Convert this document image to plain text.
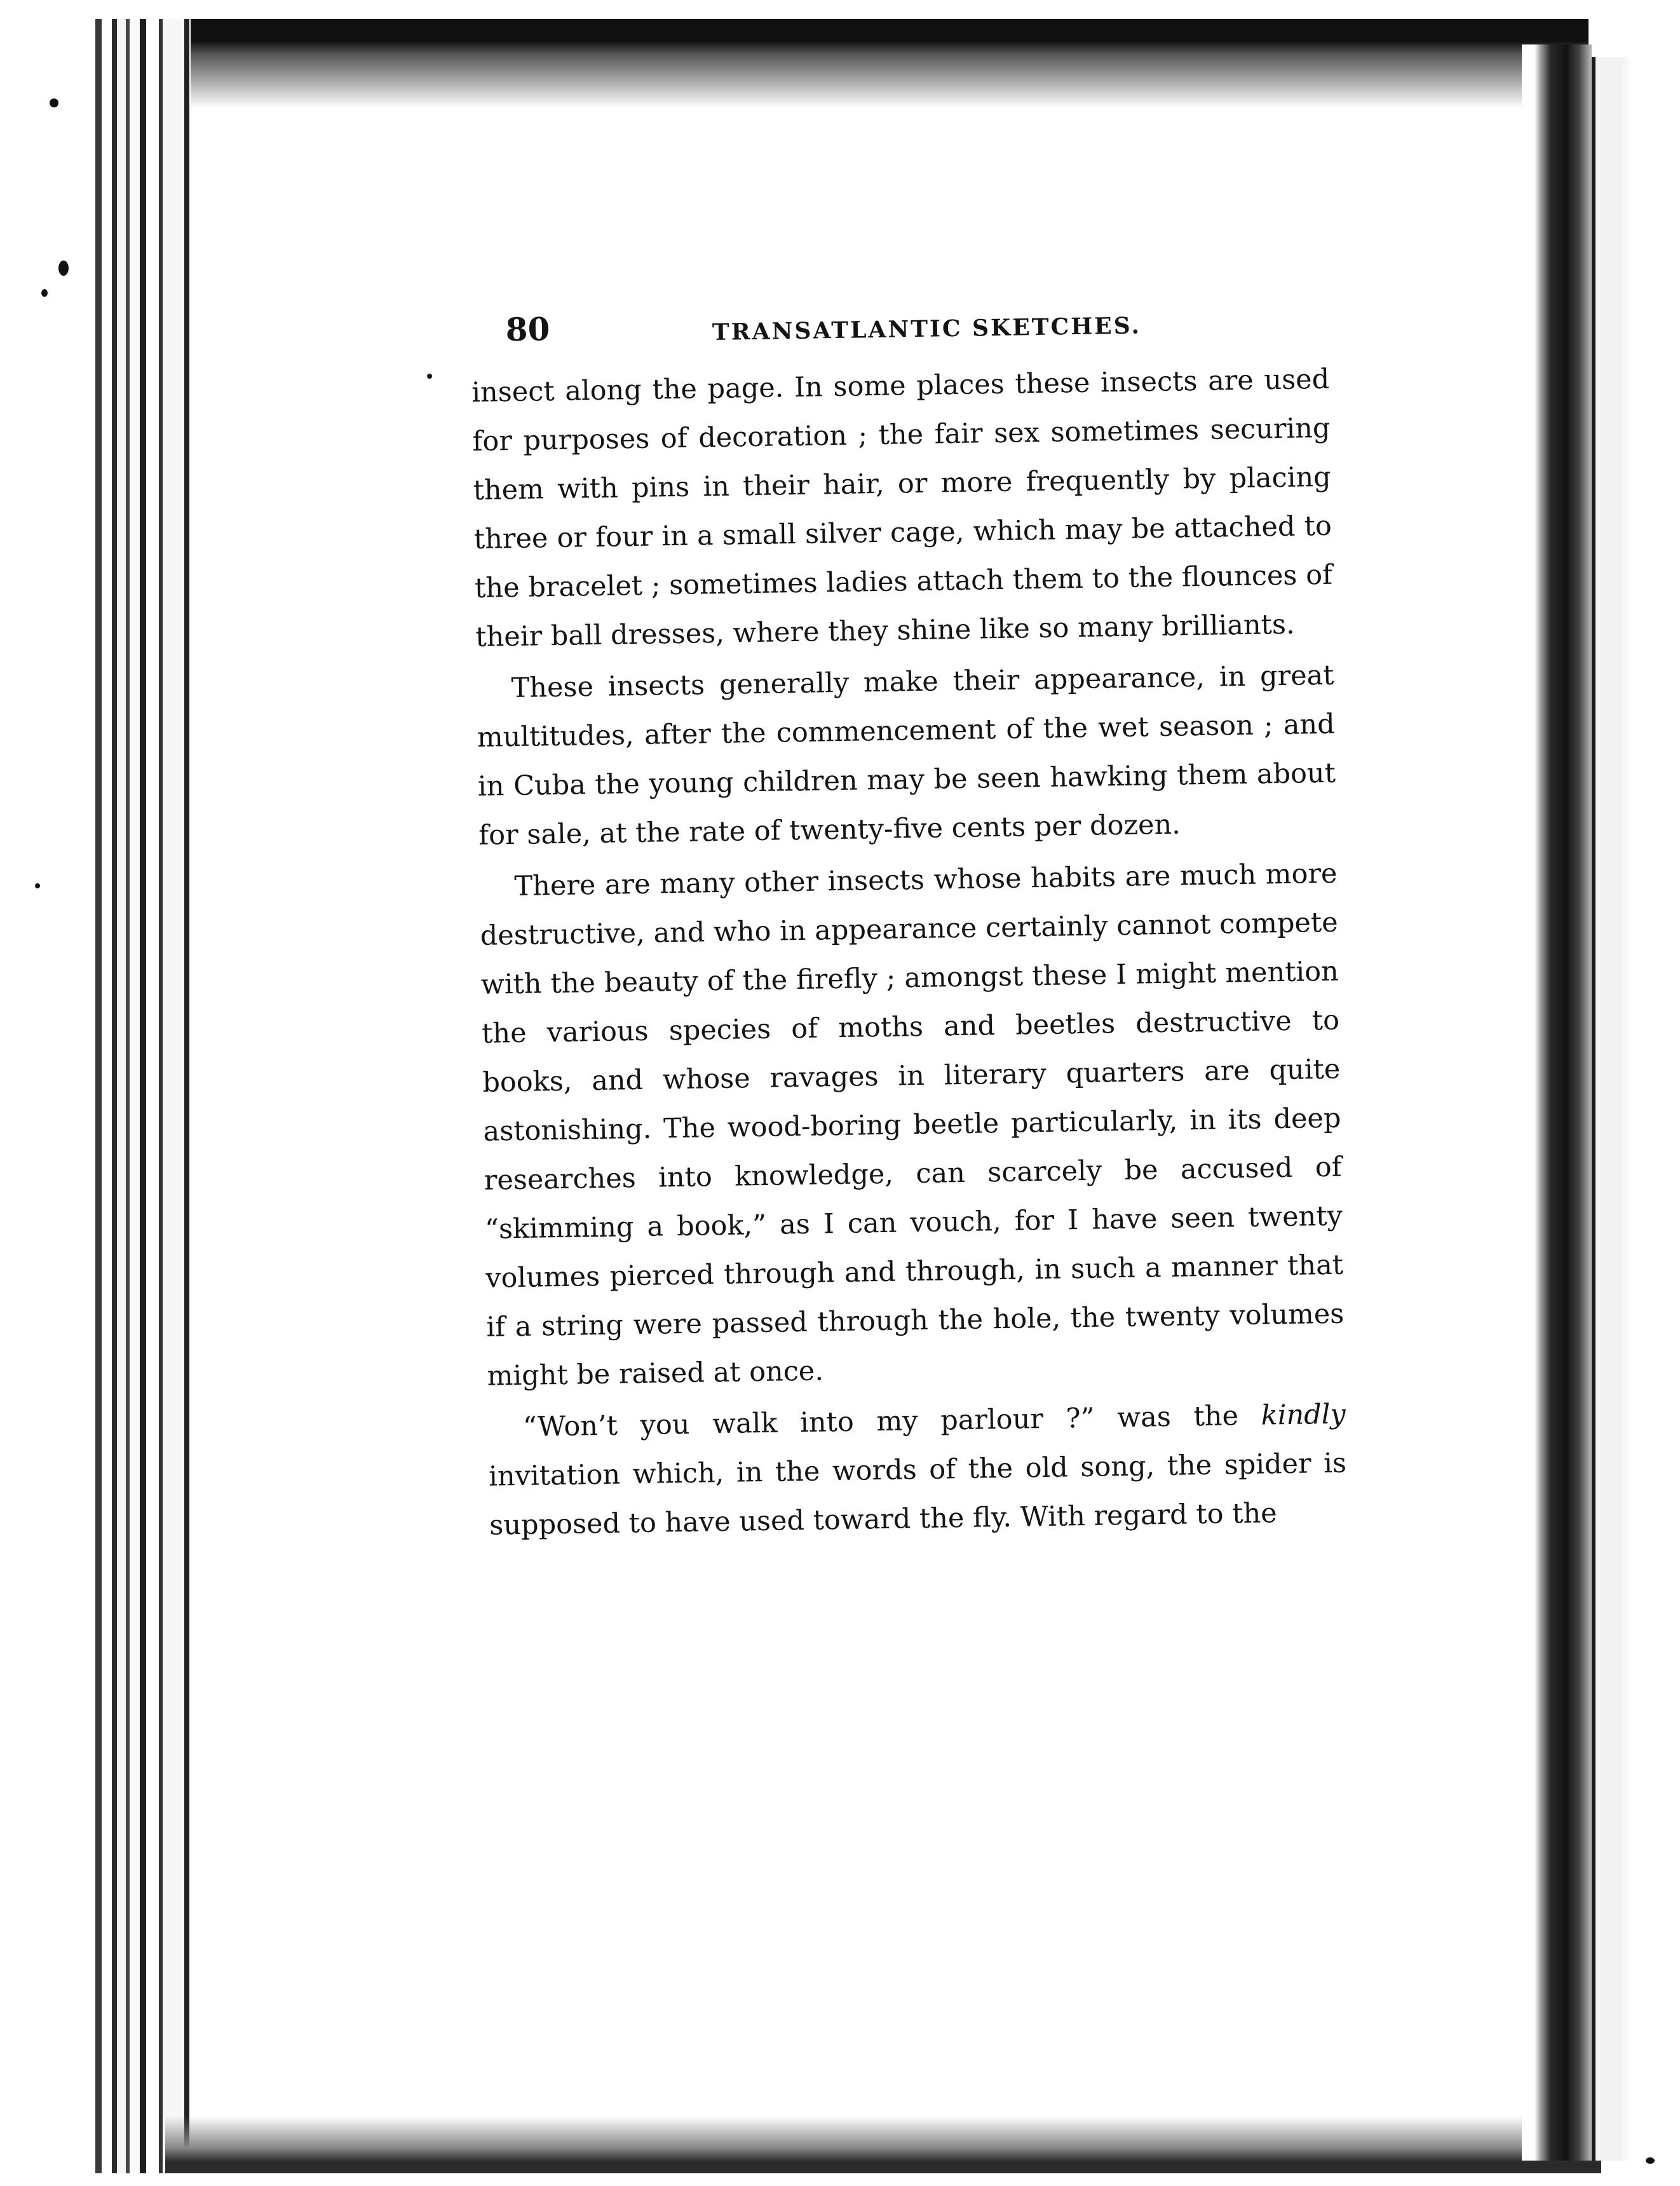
80	TRANSATLANTIC SKETCHES.

insect along the page. In some places these insects are used for purposes of decoration ; the fair sex sometimes securing them with pins in their hair, or more frequently by placing three or four in a small silver cage, which may be attached to the bracelet ; sometimes ladies attach them to the flounces of their ball dresses, where they shine like so many brilliants.

These insects generally make their appearance, in great multitudes, after the commencement of the wet season ; and in Cuba the young children may be seen hawking them about for sale, at the rate of twenty-five cents per dozen.

There are many other insects whose habits are much more destructive, and who in appearance certainly cannot compete with the beauty of the firefly ; amongst these I might mention the various species of moths and beetles destructive to books, and whose ravages in literary quarters are quite astonishing. The wood-boring beetle particularly, in its deep researches into knowledge, can scarcely be accused of “skimming a book,” as I can vouch, for I have seen twenty volumes pierced through and through, in such a manner that if a string were passed through the hole, the twenty volumes might be raised at once.

“Won’t you walk into my parlour ?” was the kindly invitation which, in the words of the old song, the spider is supposed to have used toward the fly. With regard to the
